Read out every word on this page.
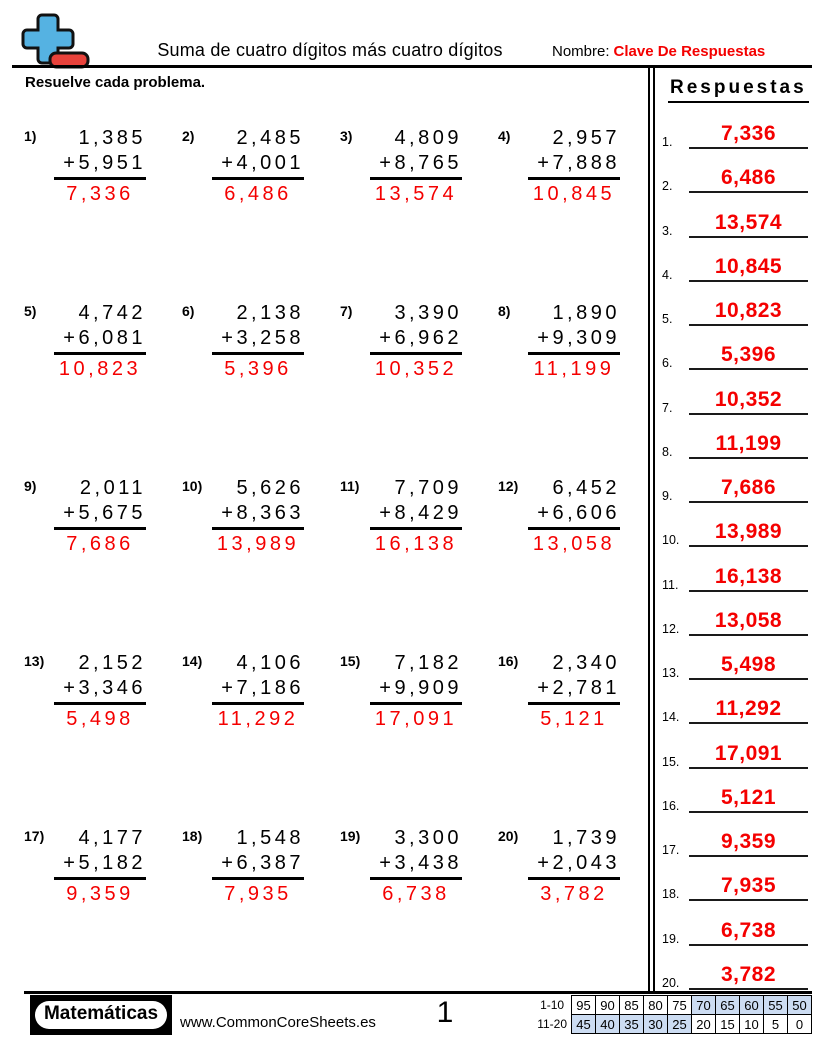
Suma de cuatro dígitos más cuatro dígitos	Nombre: Clave De Respuestas
Resuelve cada problema.
1)	1,385
+5,951
7,336
2)	2,485
+4,001
6,486
3)	4,809
+8,765
13,574
4)	2,957
+7,888
10,845
5)	4,742
+6,081
10,823
6)	2,138
+3,258
5,396
7)	3,390
+6,962
10,352
8)	1,890
+9,309
11,199
9)	2,011
+5,675
7,686
10)	5,626
+8,363
13,989
11)	7,709
+8,429
16,138
12)	6,452
+6,606
13,058
13)	2,152
+3,346
5,498
14)	4,106
+7,186
11,292
15)	7,182
+9,909
17,091
16)	2,340
+2,781
5,121
17)	4,177
+5,182
9,359
18)	1,548
+6,387
7,935
19)	3,300
+3,438
6,738
20)	1,739
+2,043
3,782
Respuestas
1.	7,336
2.	6,486
3.	13,574
4.	10,845
5.	10,823
6.	5,396
7.	10,352
8.	11,199
9.	7,686
10.	13,989
11.	16,138
12.	13,058
13.	5,498
14.	11,292
15.	17,091
16.	5,121
17.	9,359
18.	7,935
19.	6,738
20.	3,782
Matemáticas	www.CommonCoreSheets.es	1	1-10	95	90	85	80	75	70	65	60	55	50
11-20	45	40	35	30	25	20	15	10	5	0
